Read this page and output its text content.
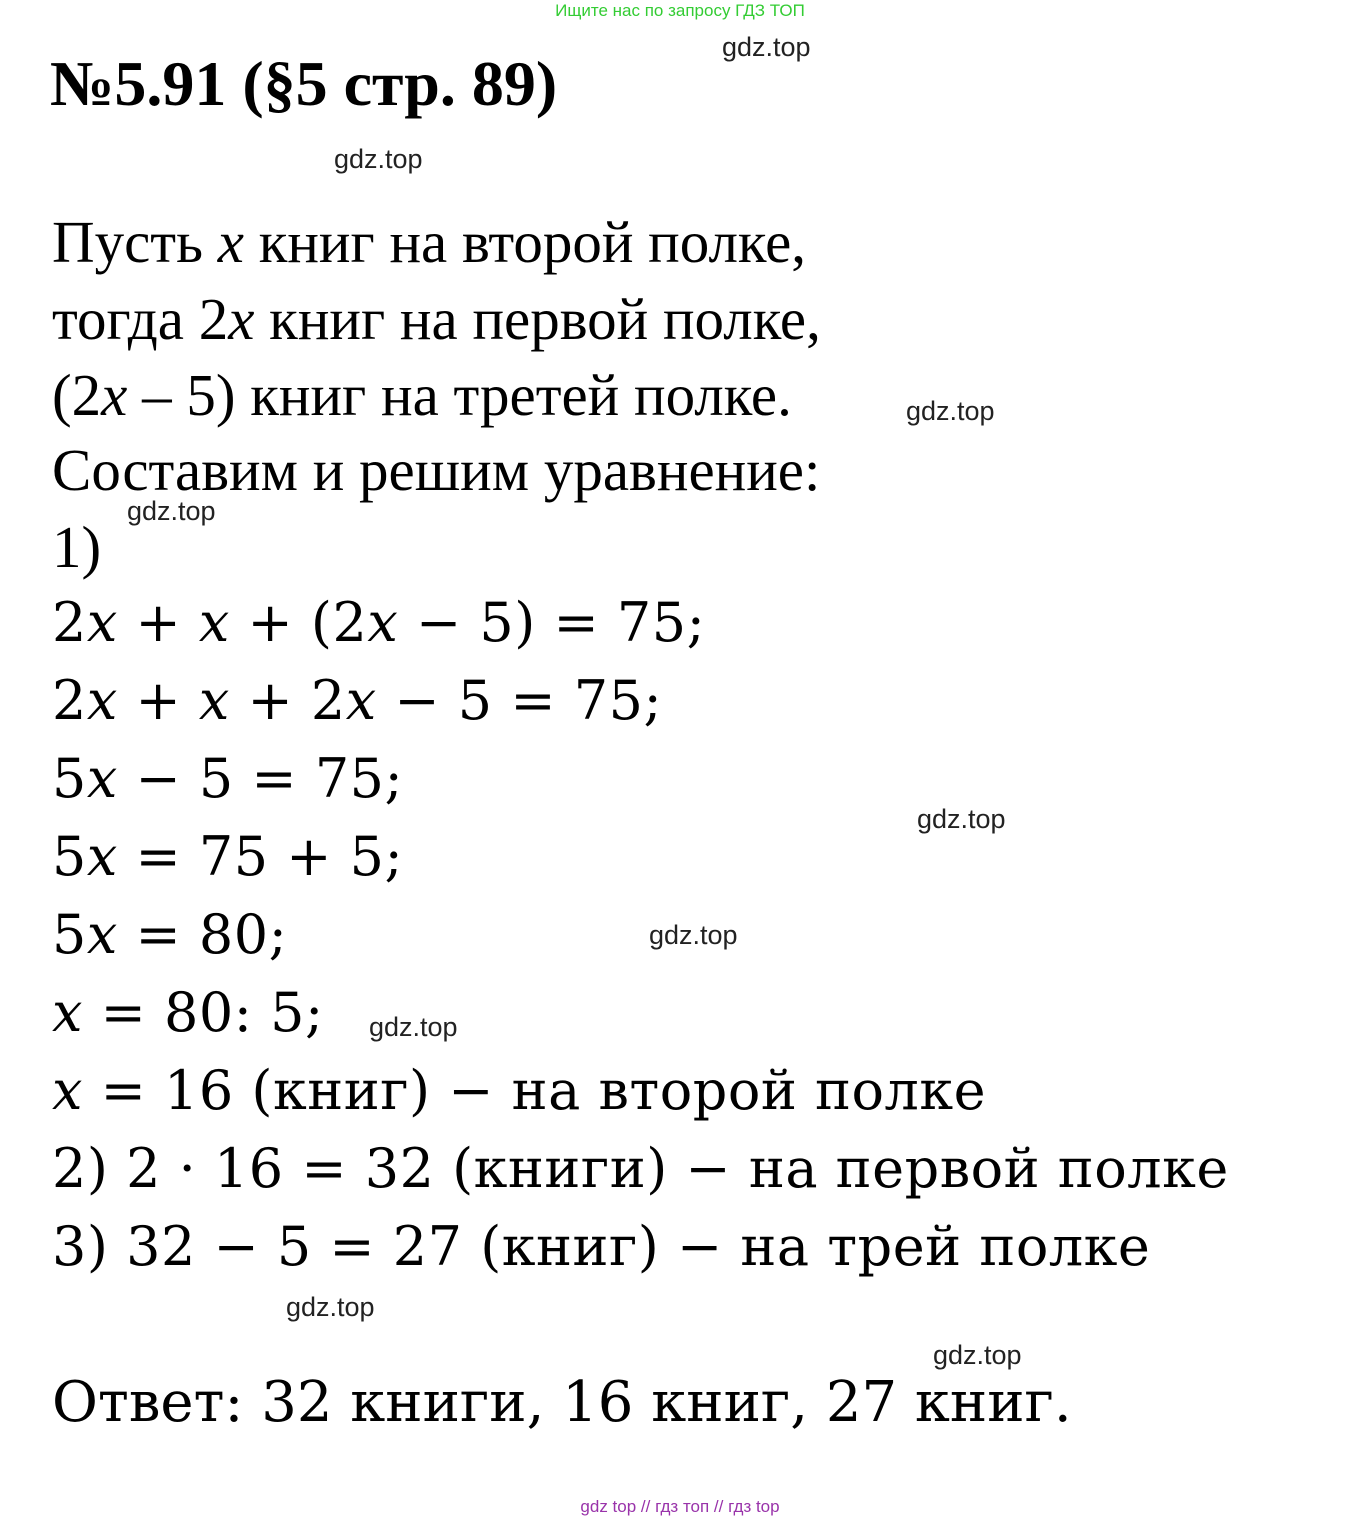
Ищите нас по запросу ГДЗ ТОП
№5.91 (§5 стр. 89)
gdz.top
gdz.top
Пусть x книг на второй полке,
тогда 2x книг на первой полке,
(2x – 5) книг на третей полке.	gdz.top
Составим и решим уравнение:
gdz.top
1)
2𝑥 + 𝑥 + (2𝑥 − 5) = 75;
2𝑥 + 𝑥 + 2𝑥 − 5 = 75;
5𝑥 − 5 = 75;
gdz.top
5𝑥 = 75 + 5;
5𝑥 = 80;	gdz.top
𝑥 = 80: 5; gdz.top
𝑥 = 16 (книг) − на второй полке
2) 2 · 16 = 32 (книги) − на первой полке
3) 32 − 5 = 27 (книг) − на трей полке
gdz.top
gdz.top
Ответ: 32 книги, 16 книг, 27 книг.
gdz top // гдз топ // гдз top
